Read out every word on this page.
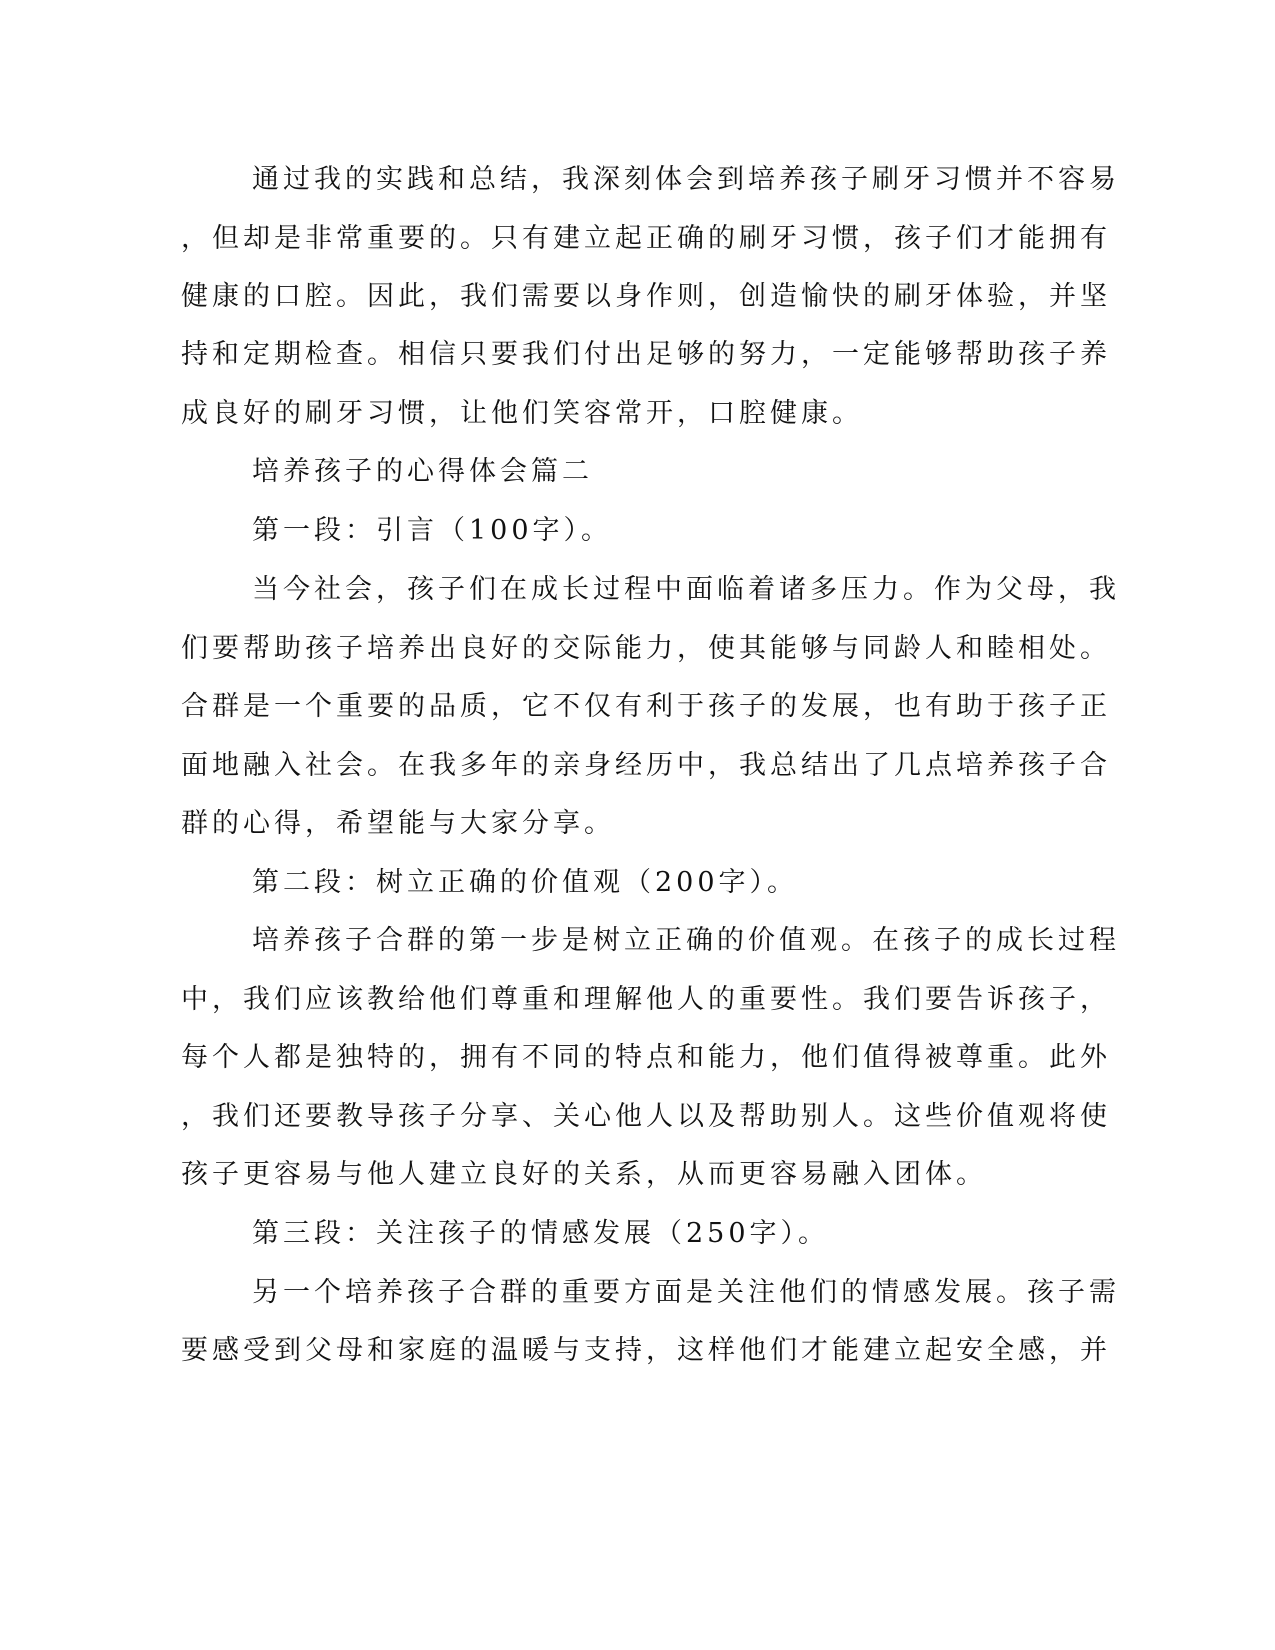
通过我的实践和总结，我深刻体会到培养孩子刷牙习惯并不容易

，但却是非常重要的。只有建立起正确的刷牙习惯，孩子们才能拥有

健康的口腔。因此，我们需要以身作则，创造愉快的刷牙体验，并坚

持和定期检查。相信只要我们付出足够的努力，一定能够帮助孩子养

成良好的刷牙习惯，让他们笑容常开，口腔健康。

培养孩子的心得体会篇二

第一段：引言（100字）。

当今社会，孩子们在成长过程中面临着诸多压力。作为父母，我

们要帮助孩子培养出良好的交际能力，使其能够与同龄人和睦相处。

合群是一个重要的品质，它不仅有利于孩子的发展，也有助于孩子正

面地融入社会。在我多年的亲身经历中，我总结出了几点培养孩子合

群的心得，希望能与大家分享。

第二段：树立正确的价值观（200字）。

培养孩子合群的第一步是树立正确的价值观。在孩子的成长过程

中，我们应该教给他们尊重和理解他人的重要性。我们要告诉孩子，

每个人都是独特的，拥有不同的特点和能力，他们值得被尊重。此外

，我们还要教导孩子分享、关心他人以及帮助别人。这些价值观将使

孩子更容易与他人建立良好的关系，从而更容易融入团体。

第三段：关注孩子的情感发展（250字）。

另一个培养孩子合群的重要方面是关注他们的情感发展。孩子需

要感受到父母和家庭的温暖与支持，这样他们才能建立起安全感，并
